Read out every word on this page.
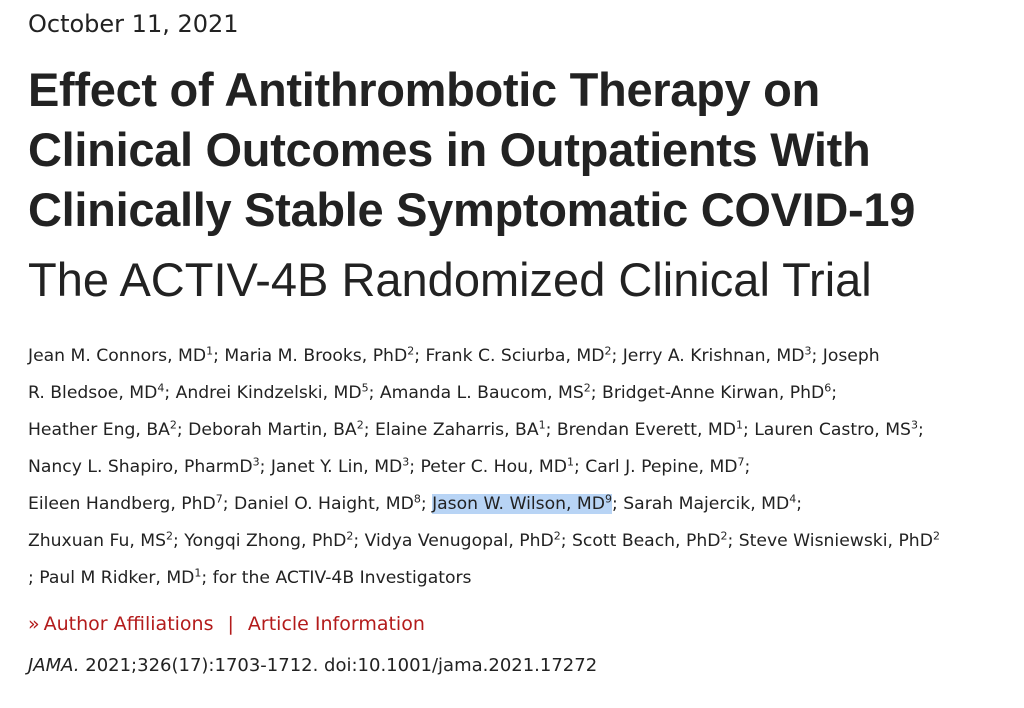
October 11, 2021
Effect of Antithrombotic Therapy on
Clinical Outcomes in Outpatients With
Clinically Stable Symptomatic COVID-19
The ACTIV-4B Randomized Clinical Trial
Jean M. Connors, $MD^1$; Maria M. Brooks, PhD$^2$; Frank C. Sciurba, $MD^2$; Jerry A. Krishnan, $MD^3$; Joseph
R. Bledsoe, $MD^4$; Andrei Kindzelski, $MD^5$; Amanda L. Baucom, $MS^2$; Bridget-Anne Kirwan, PhD$^6$;
Heather Eng, $BA^2$; Deborah Martin, $BA^2$; Elaine Zaharris, $BA^1$; Brendan Everett, $MD^1$; Lauren Castro, $MS^3$;
Nancy L. Shapiro, PharmD$^3$; Janet Y. Lin, $MD^3$; Peter C. Hou, $MD^1$; Carl J. Pepine, $MD^7$;
Eileen Handberg, PhD$^7$; Daniel O. Haight, $MD^8$; Jason W. Wilson, $MD^9$; Sarah Majercik, $MD^4$;
Zhuxuan Fu, $MS^2$; Yongqi Zhong, PhD$^2$; Vidya Venugopal, PhD$^2$; Scott Beach, PhD$^2$; Steve Wisniewski, PhD$^2$
; Paul M Ridker, $MD^1$; for the ACTIV-4B Investigators
» Author Affiliations | Article Information
JAMA. 2021;326(17):1703-1712. doi:10.1001/jama.2021.17272
